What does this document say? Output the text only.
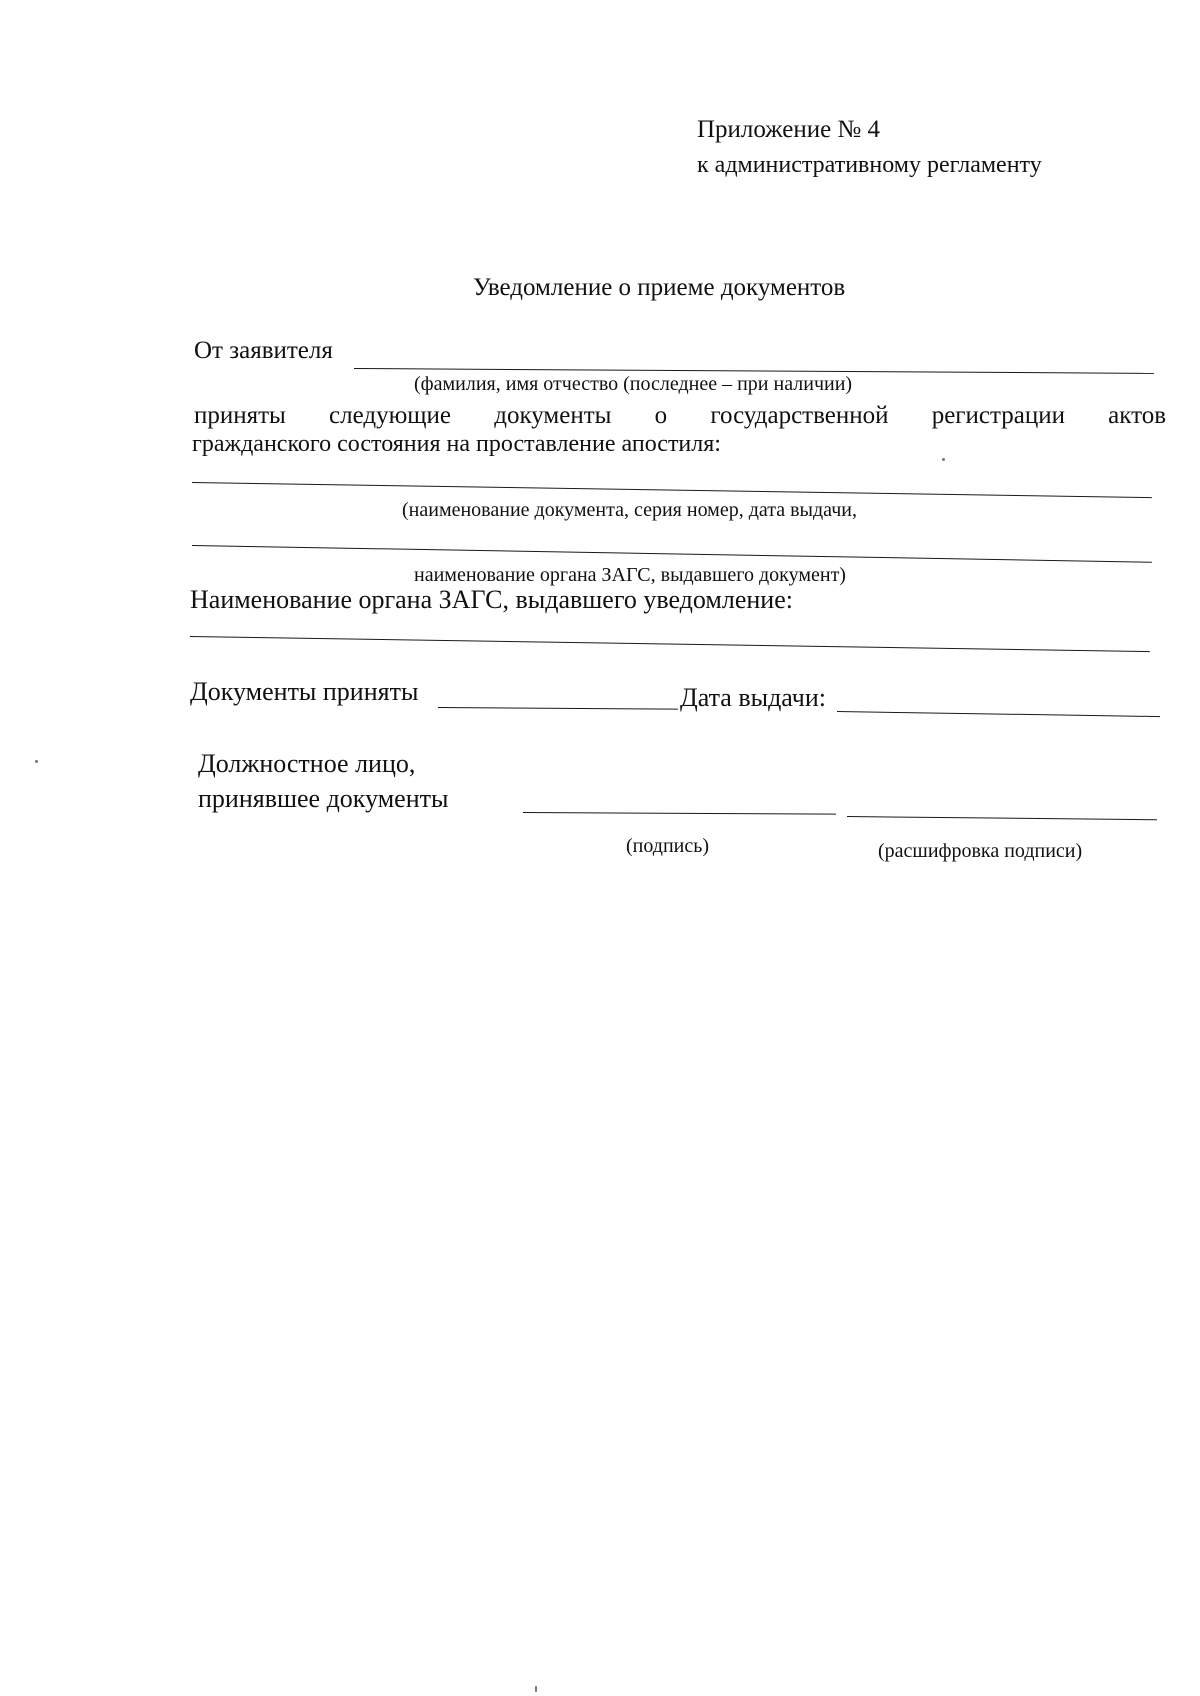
Приложение № 4
к административному регламенту
Уведомление о приеме документов
От заявителя
(фамилия, имя отчество (последнее – при наличии)
приняты следующие документы о государственной регистрации актов
гражданского состояния на проставление апостиля:
(наименование документа, серия номер, дата выдачи,
наименование органа ЗАГС, выдавшего документ)
Наименование органа ЗАГС, выдавшего уведомление:
Документы приняты	Дата выдачи:
Должностное лицо,
принявшее документы
(подпись)	(расшифровка подписи)
